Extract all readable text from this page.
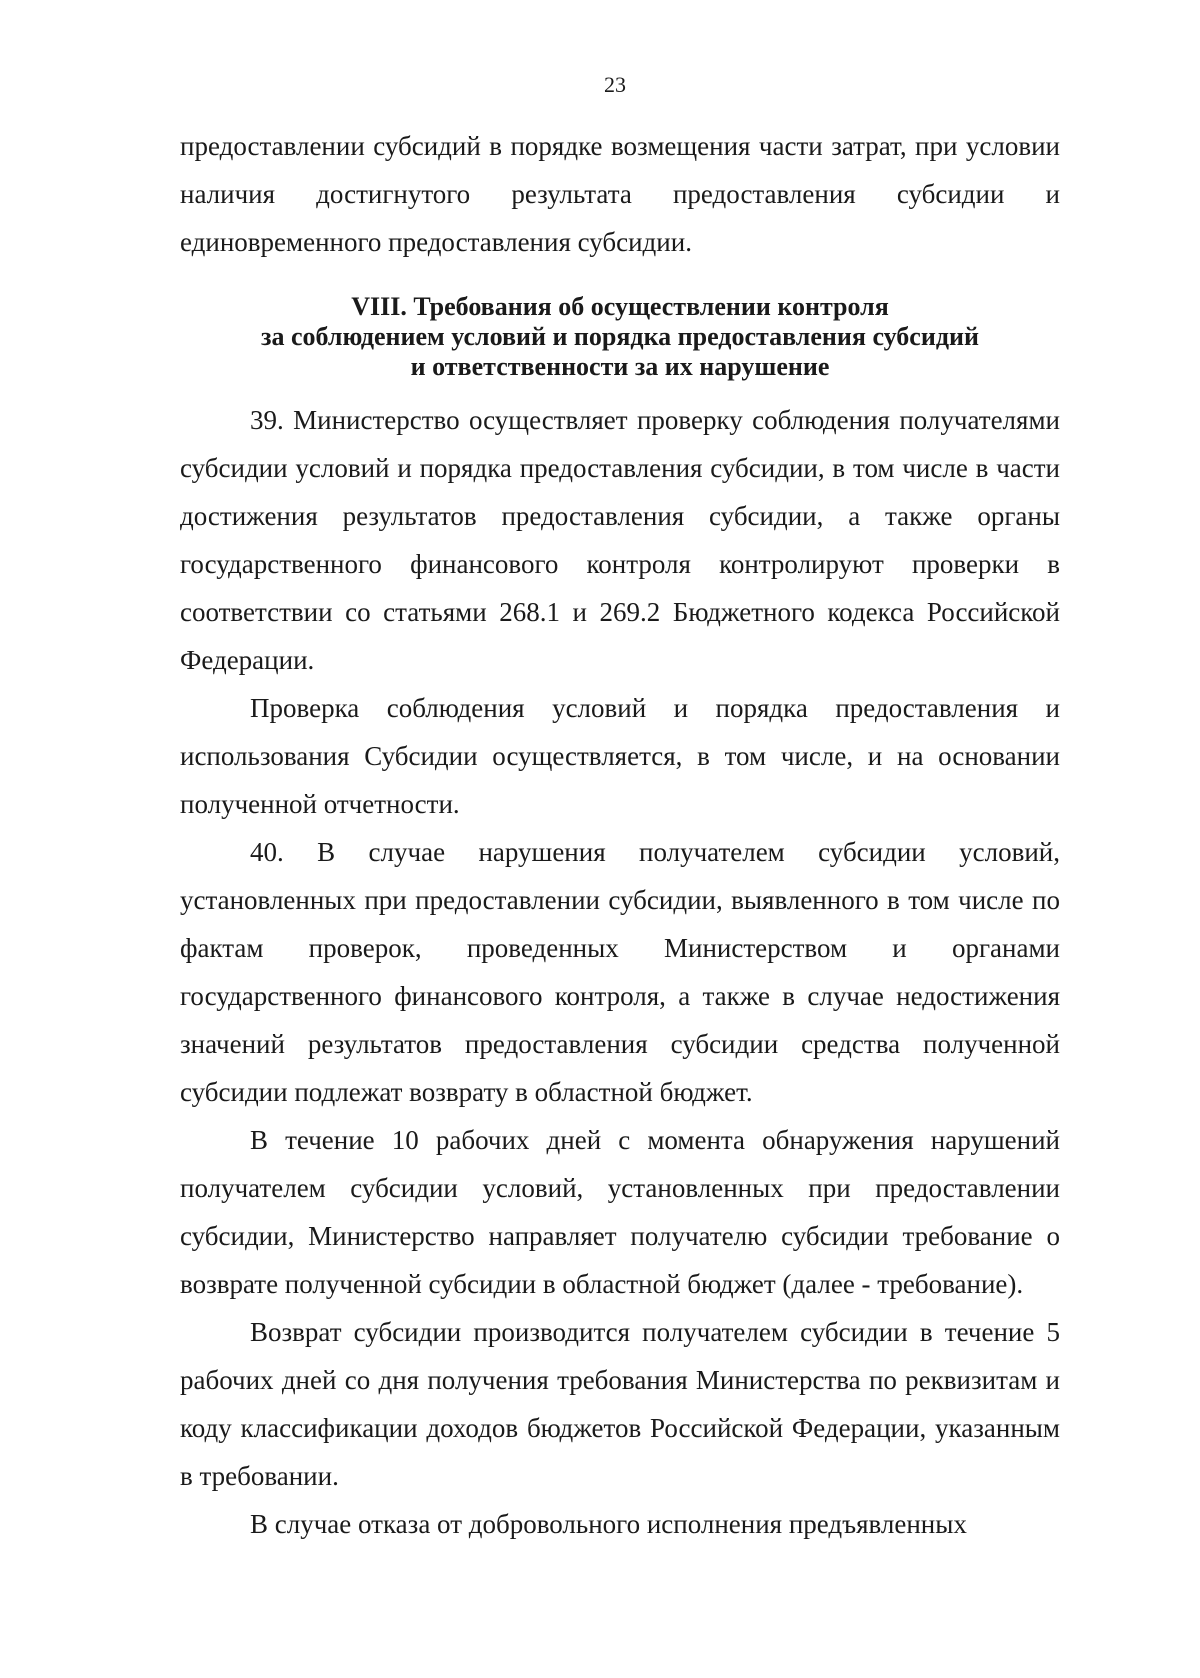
23

предоставлении субсидий в порядке возмещения части затрат, при условии наличия достигнутого результата предоставления субсидии и единовременного предоставления субсидии.

VIII. Требования об осуществлении контроля
за соблюдением условий и порядка предоставления субсидий
и ответственности за их нарушение

39. Министерство осуществляет проверку соблюдения получателями субсидии условий и порядка предоставления субсидии, в том числе в части достижения результатов предоставления субсидии, а также органы государственного финансового контроля контролируют проверки в соответствии со статьями 268.1 и 269.2 Бюджетного кодекса Российской Федерации.

Проверка соблюдения условий и порядка предоставления и использования Субсидии осуществляется, в том числе, и на основании полученной отчетности.

40. В случае нарушения получателем субсидии условий, установленных при предоставлении субсидии, выявленного в том числе по фактам проверок, проведенных Министерством и органами государственного финансового контроля, а также в случае недостижения значений результатов предоставления субсидии средства полученной субсидии подлежат возврату в областной бюджет.

В течение 10 рабочих дней с момента обнаружения нарушений получателем субсидии условий, установленных при предоставлении субсидии, Министерство направляет получателю субсидии требование о возврате полученной субсидии в областной бюджет (далее - требование).

Возврат субсидии производится получателем субсидии в течение 5 рабочих дней со дня получения требования Министерства по реквизитам и коду классификации доходов бюджетов Российской Федерации, указанным в требовании.

В случае отказа от добровольного исполнения предъявленных
